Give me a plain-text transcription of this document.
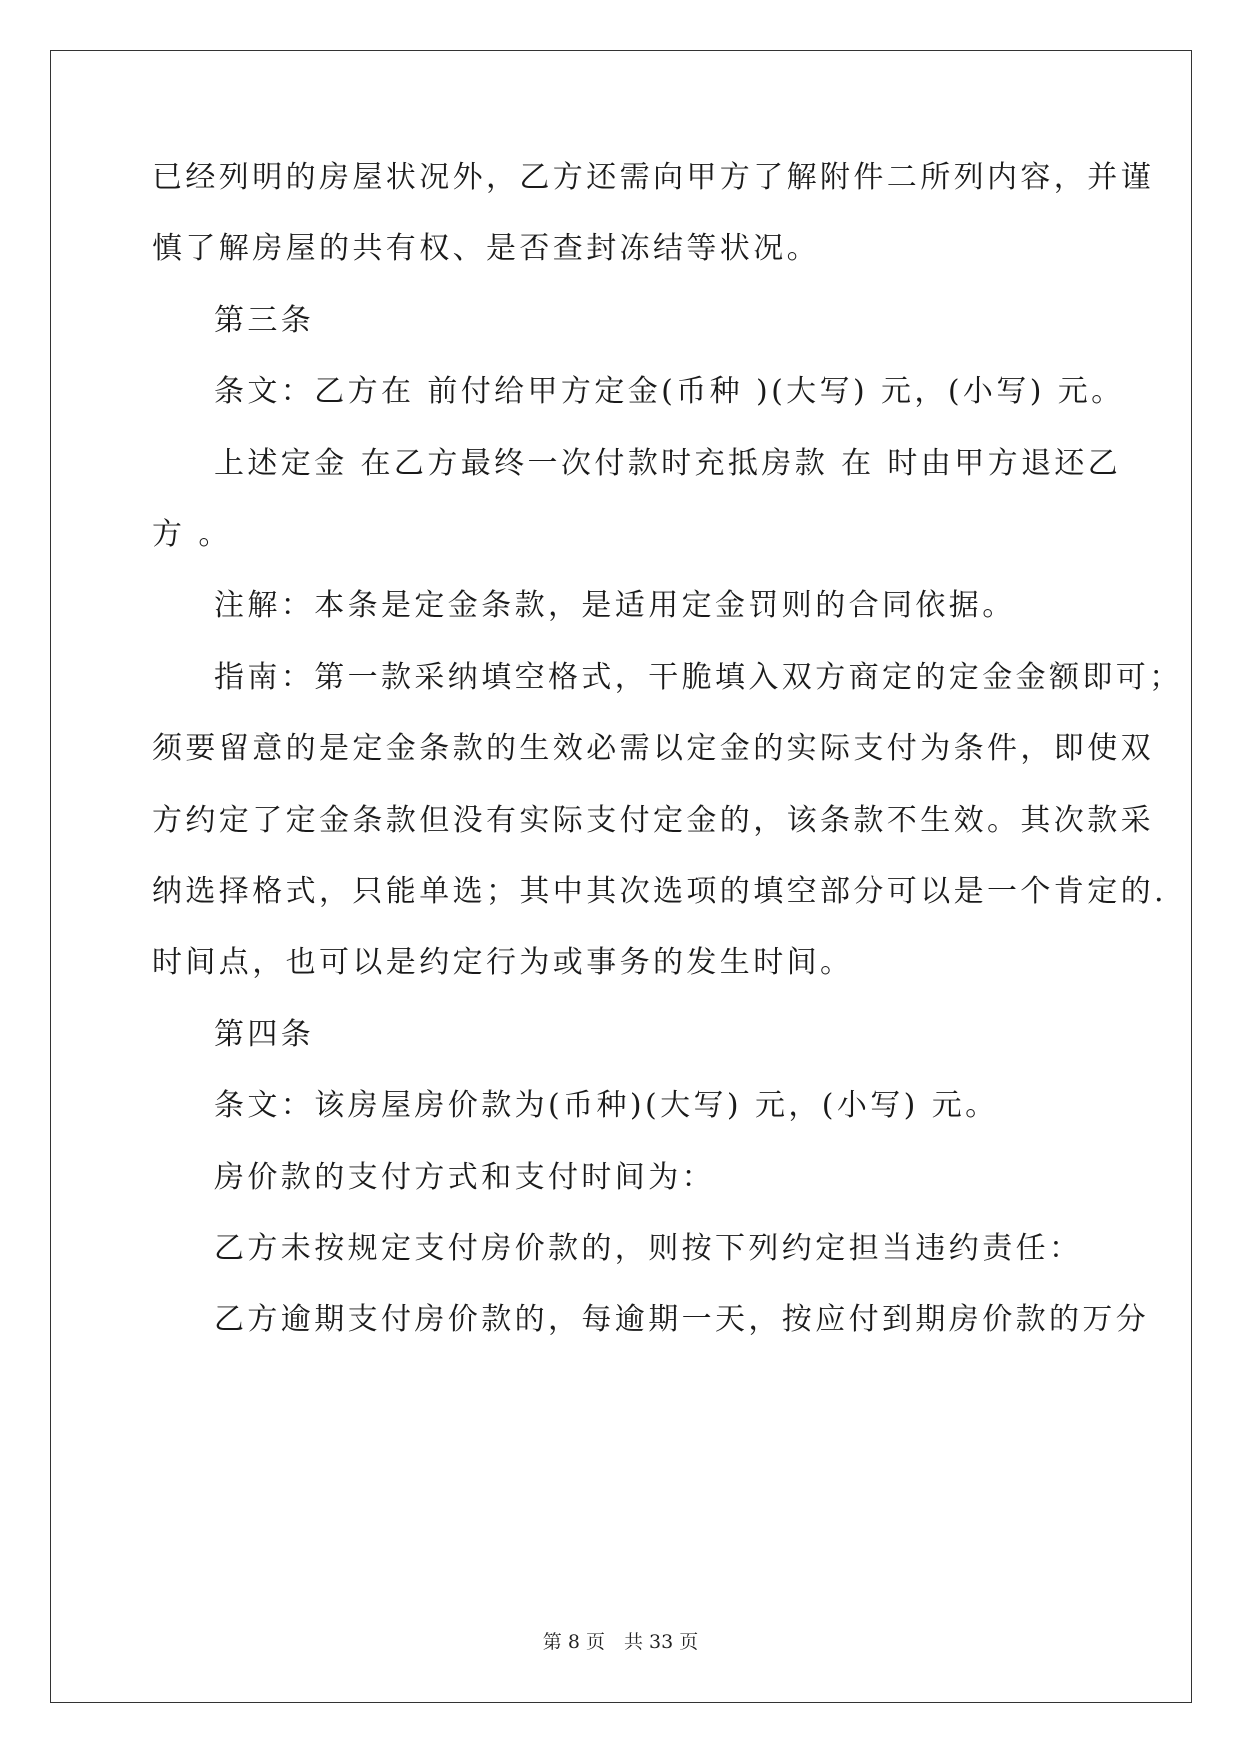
已经列明的房屋状况外，乙方还需向甲方了解附件二所列内容，并谨
慎了解房屋的共有权、是否查封冻结等状况。
第三条
条文：乙方在 前付给甲方定金(币种 )(大写) 元，(小写) 元。
上述定金 在乙方最终一次付款时充抵房款 在 时由甲方退还乙
方 。
注解：本条是定金条款，是适用定金罚则的合同依据。
指南：第一款采纳填空格式，干脆填入双方商定的定金金额即可；
须要留意的是定金条款的生效必需以定金的实际支付为条件，即使双
方约定了定金条款但没有实际支付定金的，该条款不生效。其次款采
纳选择格式，只能单选；其中其次选项的填空部分可以是一个肯定的.
时间点，也可以是约定行为或事务的发生时间。
第四条
条文：该房屋房价款为(币种)(大写) 元，(小写) 元。
房价款的支付方式和支付时间为：
乙方未按规定支付房价款的，则按下列约定担当违约责任：
乙方逾期支付房价款的，每逾期一天，按应付到期房价款的万分
第 8 页　共 33 页
